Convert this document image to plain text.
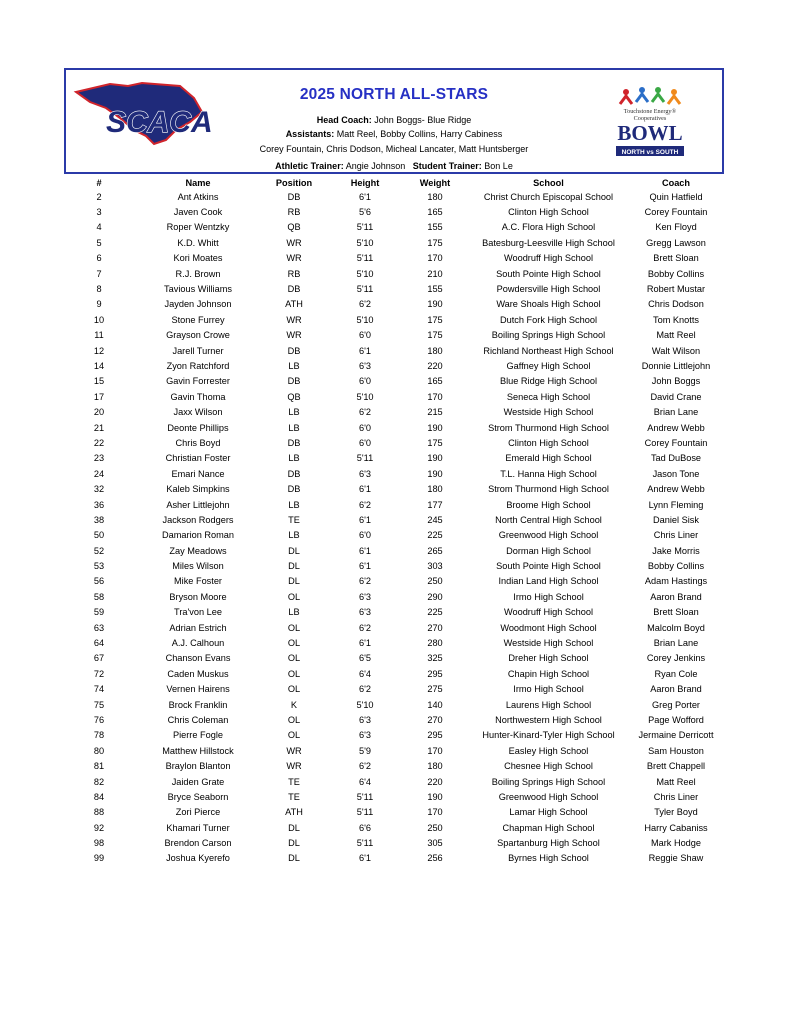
SCACA
2025 NORTH ALL-STARS
Head Coach: John Boggs- Blue Ridge
Assistants: Matt Reel, Bobby Collins, Harry Cabiness
Corey Fountain, Chris Dodson, Micheal Lancater, Matt Huntsberger
Athletic Trainer: Angie Johnson Student Trainer: Bon Le
Touchstone Energy®
Cooperatives
BOWL
NORTH vs SOUTH
#	Name	Position	Height	Weight	School	Coach
2	Ant Atkins	DB	6'1	180	Christ Church Episcopal School	Quin Hatfield
3	Javen Cook	RB	5'6	165	Clinton High School	Corey Fountain
4	Roper Wentzky	QB	5'11	155	A.C. Flora High School	Ken Floyd
5	K.D. Whitt	WR	5'10	175	Batesburg-Leesville High School	Gregg Lawson
6	Kori Moates	WR	5'11	170	Woodruff High School	Brett Sloan
7	R.J. Brown	RB	5'10	210	South Pointe High School	Bobby Collins
8	Tavious Williams	DB	5'11	155	Powdersville High School	Robert Mustar
9	Jayden Johnson	ATH	6'2	190	Ware Shoals High School	Chris Dodson
10	Stone Furrey	WR	5'10	175	Dutch Fork High School	Tom Knotts
11	Grayson Crowe	WR	6'0	175	Boiling Springs High School	Matt Reel
12	Jarell Turner	DB	6'1	180	Richland Northeast High School	Walt Wilson
14	Zyon Ratchford	LB	6'3	220	Gaffney High School	Donnie Littlejohn
15	Gavin Forrester	DB	6'0	165	Blue Ridge High School	John Boggs
17	Gavin Thoma	QB	5'10	170	Seneca High School	David Crane
20	Jaxx Wilson	LB	6'2	215	Westside High School	Brian Lane
21	Deonte Phillips	LB	6'0	190	Strom Thurmond High School	Andrew Webb
22	Chris Boyd	DB	6'0	175	Clinton High School	Corey Fountain
23	Christian Foster	LB	5'11	190	Emerald High School	Tad DuBose
24	Emari Nance	DB	6'3	190	T.L. Hanna High School	Jason Tone
32	Kaleb Simpkins	DB	6'1	180	Strom Thurmond High School	Andrew Webb
36	Asher Littlejohn	LB	6'2	177	Broome High School	Lynn Fleming
38	Jackson Rodgers	TE	6'1	245	North Central High School	Daniel Sisk
50	Damarion Roman	LB	6'0	225	Greenwood High School	Chris Liner
52	Zay Meadows	DL	6'1	265	Dorman High School	Jake Morris
53	Miles Wilson	DL	6'1	303	South Pointe High School	Bobby Collins
56	Mike Foster	DL	6'2	250	Indian Land High School	Adam Hastings
58	Bryson Moore	OL	6'3	290	Irmo High School	Aaron Brand
59	Tra'von Lee	LB	6'3	225	Woodruff High School	Brett Sloan
63	Adrian Estrich	OL	6'2	270	Woodmont High School	Malcolm Boyd
64	A.J. Calhoun	OL	6'1	280	Westside High School	Brian Lane
67	Chanson Evans	OL	6'5	325	Dreher High School	Corey Jenkins
72	Caden Muskus	OL	6'4	295	Chapin High School	Ryan Cole
74	Vernen Hairens	OL	6'2	275	Irmo High School	Aaron Brand
75	Brock Franklin	K	5'10	140	Laurens High School	Greg Porter
76	Chris Coleman	OL	6'3	270	Northwestern High School	Page Wofford
78	Pierre Fogle	OL	6'3	295	Hunter-Kinard-Tyler High School	Jermaine Derricott
80	Matthew Hillstock	WR	5'9	170	Easley High School	Sam Houston
81	Braylon Blanton	WR	6'2	180	Chesnee High School	Brett Chappell
82	Jaiden Grate	TE	6'4	220	Boiling Springs High School	Matt Reel
84	Bryce Seaborn	TE	5'11	190	Greenwood High School	Chris Liner
88	Zori Pierce	ATH	5'11	170	Lamar High School	Tyler Boyd
92	Khamari Turner	DL	6'6	250	Chapman High School	Harry Cabaniss
98	Brendon Carson	DL	5'11	305	Spartanburg High School	Mark Hodge
99	Joshua Kyerefo	DL	6'1	256	Byrnes High School	Reggie Shaw
